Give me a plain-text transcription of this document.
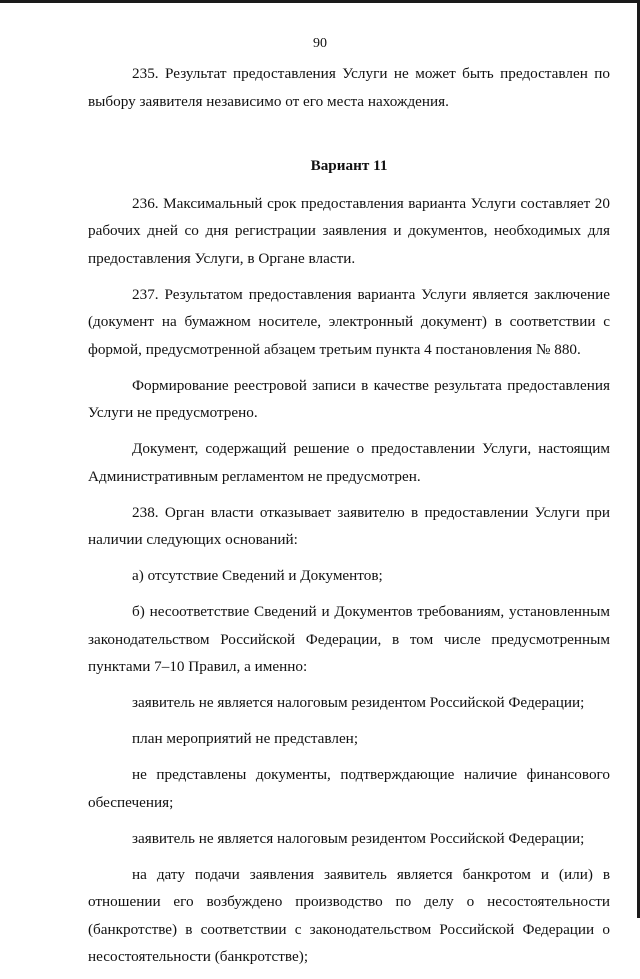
90

235. Результат предоставления Услуги не может быть предоставлен по выбору заявителя независимо от его места нахождения.

Вариант 11

236. Максимальный срок предоставления варианта Услуги составляет 20 рабочих дней со дня регистрации заявления и документов, необходимых для предоставления Услуги, в Органе власти.

237. Результатом предоставления варианта Услуги является заключение (документ на бумажном носителе, электронный документ) в соответствии с формой, предусмотренной абзацем третьим пункта 4 постановления № 880.

Формирование реестровой записи в качестве результата предоставления Услуги не предусмотрено.

Документ, содержащий решение о предоставлении Услуги, настоящим Административным регламентом не предусмотрен.

238. Орган власти отказывает заявителю в предоставлении Услуги при наличии следующих оснований:

а) отсутствие Сведений и Документов;

б) несоответствие Сведений и Документов требованиям, установленным законодательством Российской Федерации, в том числе предусмотренным пунктами 7–10 Правил, а именно:

заявитель не является налоговым резидентом Российской Федерации;

план мероприятий не представлен;

не представлены документы, подтверждающие наличие финансового обеспечения;

заявитель не является налоговым резидентом Российской Федерации;

на дату подачи заявления заявитель является банкротом и (или) в отношении его возбуждено производство по делу о несостоятельности (банкротстве) в соответствии с законодательством Российской Федерации о несостоятельности (банкротстве);
